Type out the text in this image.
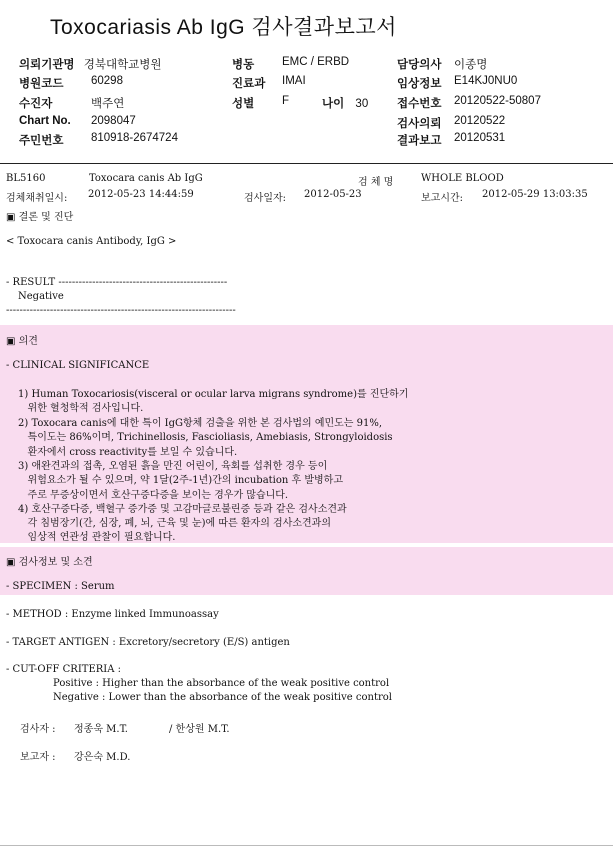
Toxocariasis Ab IgG 검사결과보고서
의뢰기관명 경북대학교병원
병원코드 60298
수진자	백주연
Chart No. 2098047
주민번호 810918-2674724
병동 EMC / ERBD
진료과 IMAI
성별 F	나이 30
담당의사 이종명
임상정보 E14KJ0NU0
접수번호 20120522-50807
검사의뢰 20120522
결과보고 20120531
BL5160	Toxocara canis Ab IgG	검 체 명	WHOLE BLOOD
검체채취일시: 2012-05-23 14:44:59	검사일자: 2012-05-23	보고시간: 2012-05-29 13:03:35
▣ 결론 및 진단
< Toxocara canis Antibody, IgG >
- RESULT --------------------------------------------------
Negative
--------------------------------------------------------------------
▣ 의견
- CLINICAL SIGNIFICANCE
1) Human Toxocariosis(visceral or ocular larva migrans syndrome)를 진단하기
위한 혈청학적 검사입니다.
2) Toxocara canis에 대한 특이 IgG항체 검출을 위한 본 검사법의 예민도는 91%,
특이도는 86%이며, Trichinellosis, Fascioliasis, Amebiasis, Strongyloidosis
환자에서 cross reactivity를 보일 수 있습니다.
3) 애완견과의 접촉, 오염된 흙을 만진 어린이, 육회를 섭취한 경우 등이
위험요소가 될 수 있으며, 약 1달(2주-1년)간의 incubation 후 발병하고
주로 무증상이면서 호산구증다증을 보이는 경우가 많습니다.
4) 호산구증다증, 백혈구 증가증 및 고감마글로불린증 등과 같은 검사소견과
각 침범장기(간, 심장, 폐, 뇌, 근육 및 눈)에 따른 환자의 검사소견과의
임상적 연관성 관찰이 필요합니다.
▣ 검사정보 및 소견
- SPECIMEN : Serum
- METHOD : Enzyme linked Immunoassay
- TARGET ANTIGEN : Excretory/secretory (E/S) antigen
- CUT-OFF CRITERIA :
Positive : Higher than the absorbance of the weak positive control
Negative : Lower than the absorbance of the weak positive control
검사자 : 정종욱 M.T.	/ 한상원 M.T.
보고자 : 강은숙 M.D.
